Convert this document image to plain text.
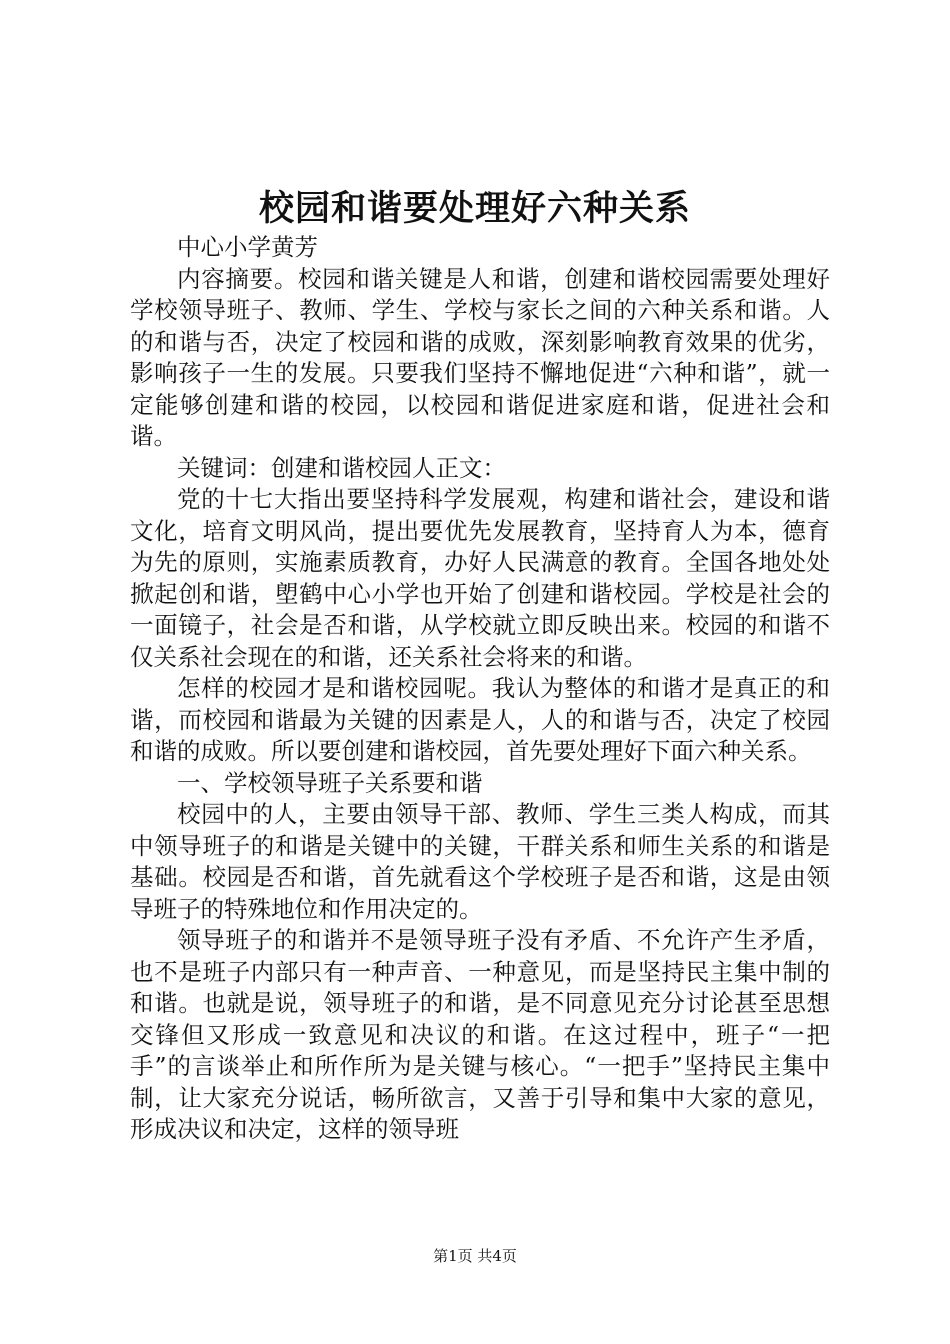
校园和谐要处理好六种关系

中心小学黄芳

内容摘要。校园和谐关键是人和谐，创建和谐校园需要处理好学校领导班子、教师、学生、学校与家长之间的六种关系和谐。人的和谐与否，决定了校园和谐的成败，深刻影响教育效果的优劣，影响孩子一生的发展。只要我们坚持不懈地促进“六种和谐”，就一定能够创建和谐的校园，以校园和谐促进家庭和谐，促进社会和谐。

关键词：创建和谐校园人正文：

党的十七大指出要坚持科学发展观，构建和谐社会，建设和谐文化，培育文明风尚，提出要优先发展教育，坚持育人为本，德育为先的原则，实施素质教育，办好人民满意的教育。全国各地处处掀起创和谐，塱鹤中心小学也开始了创建和谐校园。学校是社会的一面镜子，社会是否和谐，从学校就立即反映出来。校园的和谐不仅关系社会现在的和谐，还关系社会将来的和谐。

怎样的校园才是和谐校园呢。我认为整体的和谐才是真正的和谐，而校园和谐最为关键的因素是人，人的和谐与否，决定了校园和谐的成败。所以要创建和谐校园，首先要处理好下面六种关系。

一、学校领导班子关系要和谐

校园中的人，主要由领导干部、教师、学生三类人构成，而其中领导班子的和谐是关键中的关键，干群关系和师生关系的和谐是基础。校园是否和谐，首先就看这个学校班子是否和谐，这是由领导班子的特殊地位和作用决定的。

领导班子的和谐并不是领导班子没有矛盾、不允许产生矛盾，也不是班子内部只有一种声音、一种意见，而是坚持民主集中制的和谐。也就是说，领导班子的和谐，是不同意见充分讨论甚至思想交锋但又形成一致意见和决议的和谐。在这过程中，班子“一把手”的言谈举止和所作所为是关键与核心。“一把手”坚持民主集中制，让大家充分说话，畅所欲言，又善于引导和集中大家的意见，形成决议和决定，这样的领导班

第1页 共4页
